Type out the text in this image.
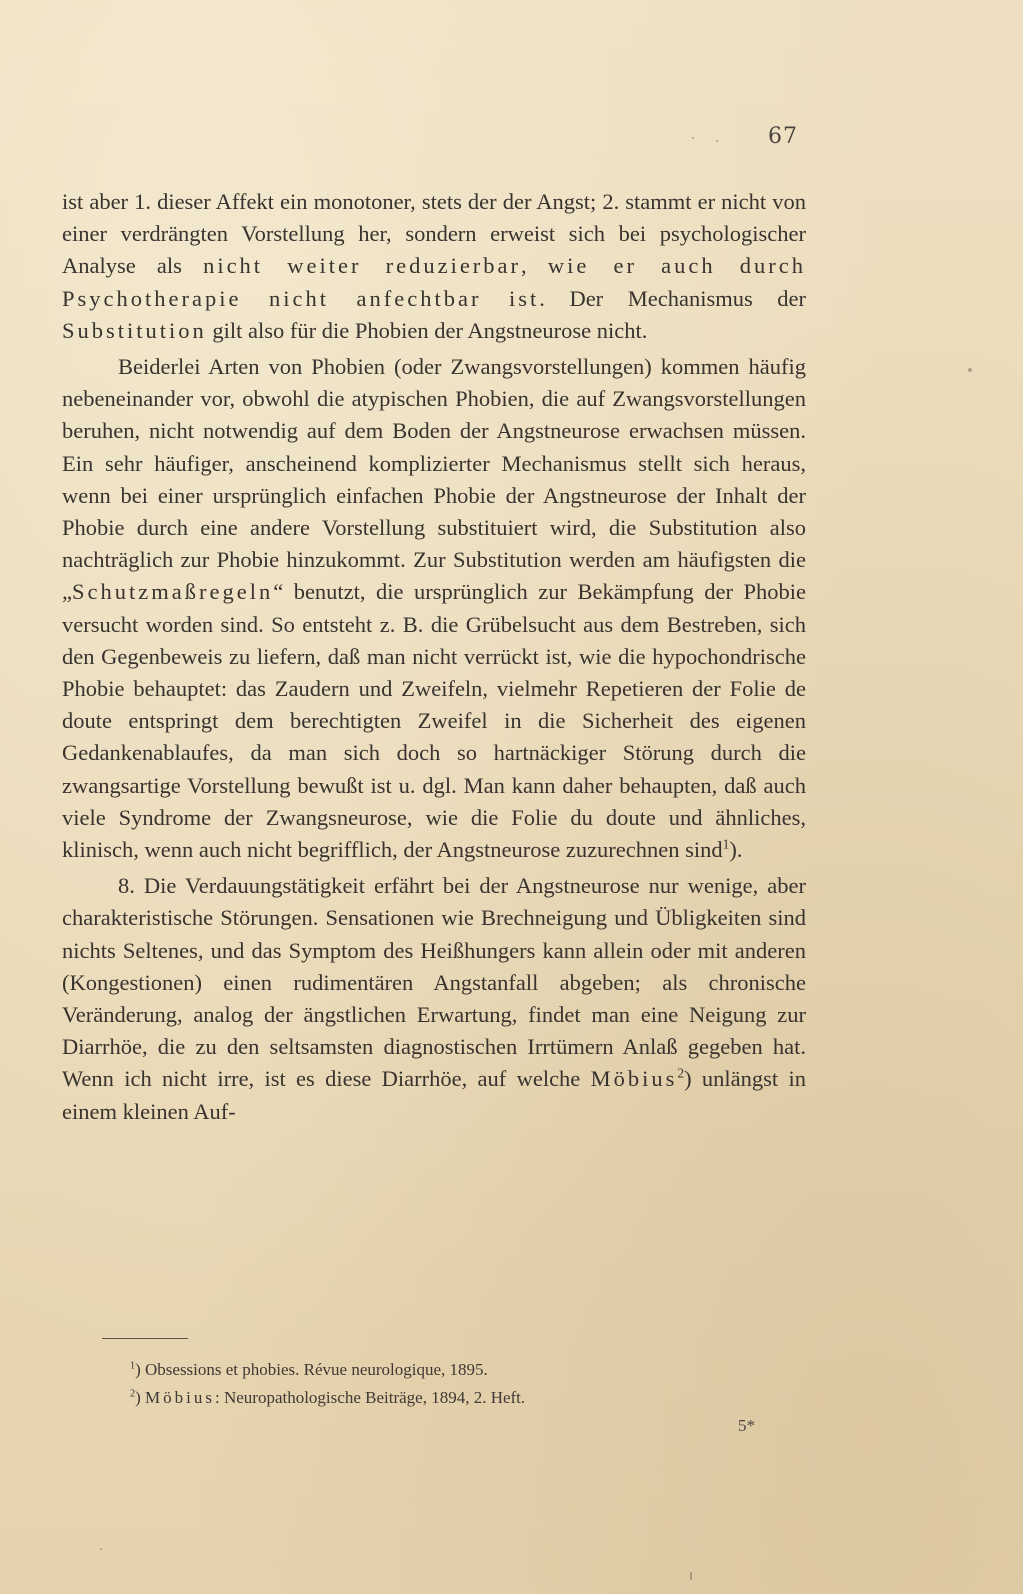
67

ist aber 1. dieser Affekt ein monotoner, stets der der Angst; 2. stammt er nicht von einer verdrängten Vorstellung her, sondern erweist sich bei psychologischer Analyse als nicht weiter reduzierbar, wie er auch durch Psychotherapie nicht anfechtbar ist. Der Mechanismus der Substitution gilt also für die Phobien der Angstneurose nicht.

Beiderlei Arten von Phobien (oder Zwangsvorstellungen) kommen häufig nebeneinander vor, obwohl die atypischen Phobien, die auf Zwangsvorstellungen beruhen, nicht notwendig auf dem Boden der Angstneurose erwachsen müssen. Ein sehr häufiger, anscheinend komplizierter Mechanismus stellt sich heraus, wenn bei einer ursprünglich einfachen Phobie der Angstneurose der Inhalt der Phobie durch eine andere Vorstellung substituiert wird, die Substitution also nachträglich zur Phobie hinzukommt. Zur Substitution werden am häufigsten die „Schutzmaßregeln“ benutzt, die ursprünglich zur Bekämpfung der Phobie versucht worden sind. So entsteht z. B. die Grübelsucht aus dem Bestreben, sich den Gegenbeweis zu liefern, daß man nicht verrückt ist, wie die hypochondrische Phobie behauptet: das Zaudern und Zweifeln, vielmehr Repetieren der Folie de doute entspringt dem berechtigten Zweifel in die Sicherheit des eigenen Gedankenablaufes, da man sich doch so hartnäckiger Störung durch die zwangsartige Vorstellung bewußt ist u. dgl. Man kann daher behaupten, daß auch viele Syndrome der Zwangsneurose, wie die Folie du doute und ähnliches, klinisch, wenn auch nicht begrifflich, der Angstneurose zuzurechnen sind$^1$).

8. Die Verdauungstätigkeit erfährt bei der Angstneurose nur wenige, aber charakteristische Störungen. Sensationen wie Brechneigung und Übligkeiten sind nichts Seltenes, und das Symptom des Heißhungers kann allein oder mit anderen (Kongestionen) einen rudimentären Angstanfall abgeben; als chronische Veränderung, analog der ängstlichen Erwartung, findet man eine Neigung zur Diarrhöe, die zu den seltsamsten diagnostischen Irrtümern Anlaß gegeben hat. Wenn ich nicht irre, ist es diese Diarrhöe, auf welche Möbius$^2$) unlängst in einem kleinen Auf-

$^1$) Obsessions et phobies. Révue neurologique, 1895.
$^2$) Möbius: Neuropathologische Beiträge, 1894, 2. Heft.
5*
